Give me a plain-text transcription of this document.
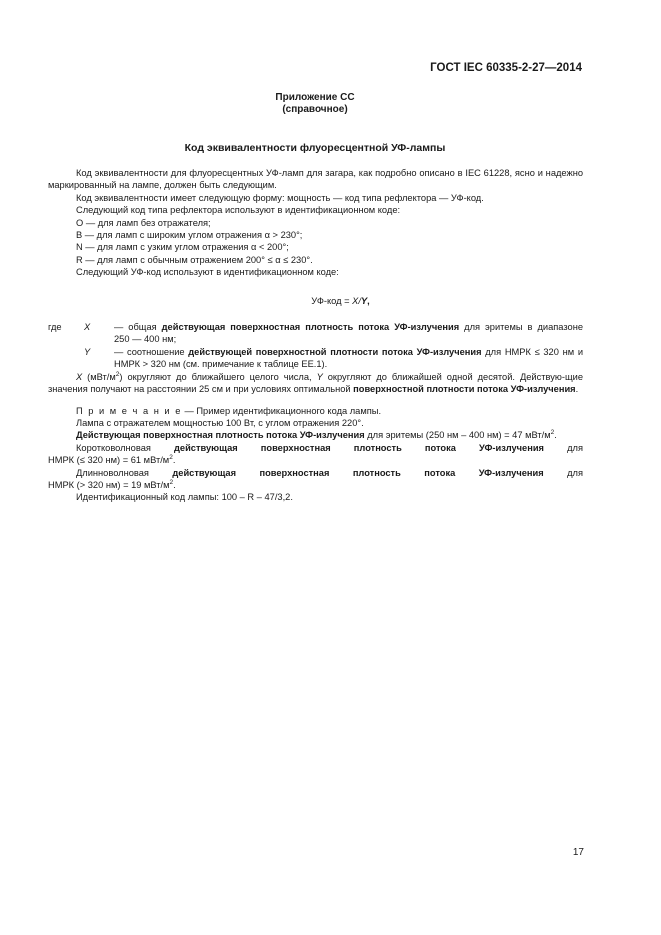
ГОСТ IEC 60335-2-27—2014
Приложение СС
(справочное)
Код эквивалентности флуоресцентной УФ-лампы

Код эквивалентности для флуоресцентных УФ-ламп для загара, как подробно описано в IEC 61228, ясно и надежно маркированный на лампе, должен быть следующим.

Код эквивалентности имеет следующую форму: мощность — код типа рефлектора — УФ-код.

Следующий код типа рефлектора используют в идентификационном коде:

O — для ламп без отражателя;

B — для ламп с широким углом отражения α > 230°;

N — для ламп с узким углом отражения α < 200°;

R — для ламп с обычным отражением 200° ≤ α ≤ 230°.

Следующий УФ-код используют в идентификационном коде:

УФ-код = X/Y,
где	X	— общая действующая поверхностная плотность потока УФ-излучения для эритемы в диапазоне
250 — 400 нм;
Y	— соотношение действующей поверхностной плотности потока УФ-излучения для НМРК ≤ 320 нм и
НМРК > 320 нм (см. примечание к таблице ЕЕ.1).

X $(мВт/м^2)$ округляют до ближайшего целого числа, Y округляют до ближайшей одной десятой. Действую-щие значения получают на расстоянии 25 см и при условиях оптимальной поверхностной плотности потока УФ-излучения.

П р и м е ч а н и е — Пример идентификационного кода лампы.

Лампа с отражателем мощностью 100 Вт, с углом отражения 220°.

Действующая поверхностная плотность потока УФ-излучения для эритемы (250 нм – 400 нм) = 47 мВт/$м^2$.

Коротковолновая действующая поверхностная плотность потока УФ-излучения для

НМРК (≤ 320 нм) = 61 мВт/$м^2$.

Длинноволновая	действующая	поверхностная	плотность	потока	УФ-излучения	для

НМРК (> 320 нм) = 19 мВт/$м^2$.

Идентификационный код лампы: 100 – R – 47/3,2.

17
